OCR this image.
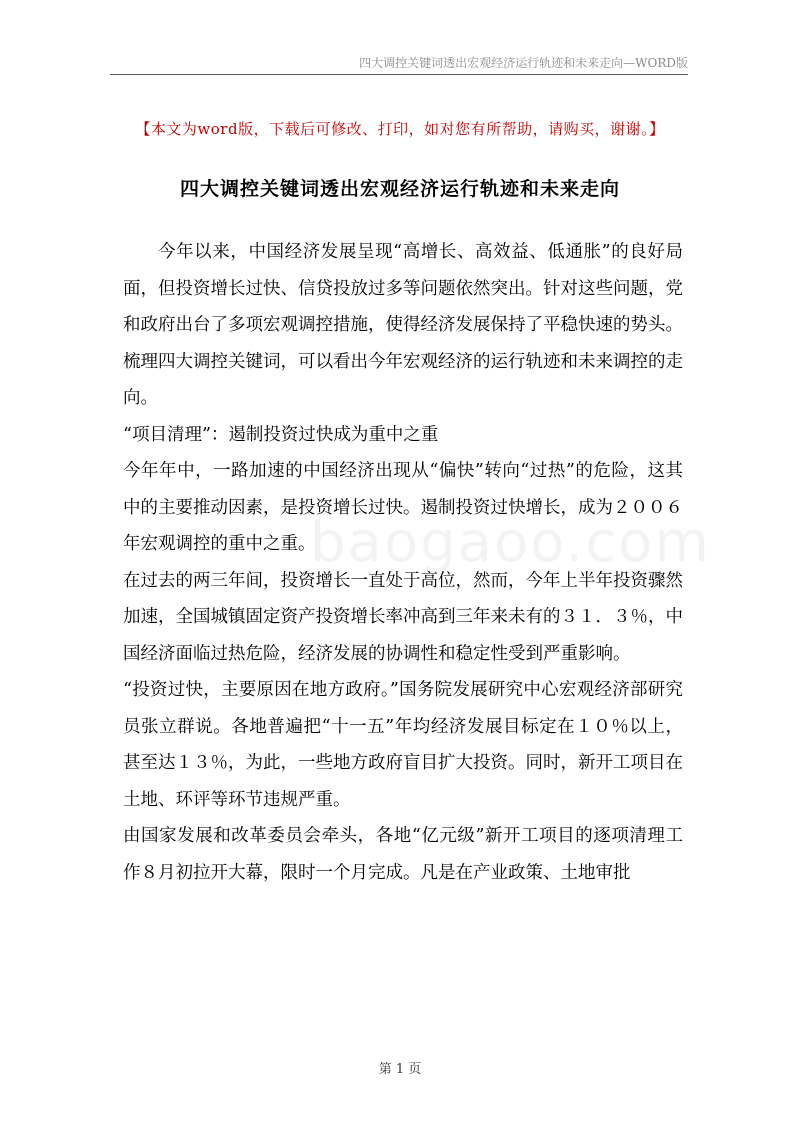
四大调控关键词透出宏观经济运行轨迹和未来走向—WORD版
【本文为word版，下载后可修改、打印，如对您有所帮助，请购买，谢谢。】
四大调控关键词透出宏观经济运行轨迹和未来走向

今年以来，中国经济发展呈现“高增长、高效益、低通胀”的良好局面，但投资增长过快、信贷投放过多等问题依然突出。针对这些问题，党和政府出台了多项宏观调控措施，使得经济发展保持了平稳快速的势头。梳理四大调控关键词，可以看出今年宏观经济的运行轨迹和未来调控的走向。

“项目清理”：遏制投资过快成为重中之重

今年年中，一路加速的中国经济出现从“偏快”转向“过热”的危险，这其中的主要推动因素，是投资增长过快。遏制投资过快增长，成为２００６年宏观调控的重中之重。

在过去的两三年间，投资增长一直处于高位，然而，今年上半年投资骤然加速，全国城镇固定资产投资增长率冲高到三年来未有的３１．３％，中国经济面临过热危险，经济发展的协调性和稳定性受到严重影响。

“投资过快，主要原因在地方政府。”国务院发展研究中心宏观经济部研究员张立群说。各地普遍把“十一五”年均经济发展目标定在１０％以上，甚至达１３％，为此，一些地方政府盲目扩大投资。同时，新开工项目在土地、环评等环节违规严重。

由国家发展和改革委员会牵头，各地“亿元级”新开工项目的逐项清理工作８月初拉开大幕，限时一个月完成。凡是在产业政策、土地审批

baogaoo.com
第 1 页
